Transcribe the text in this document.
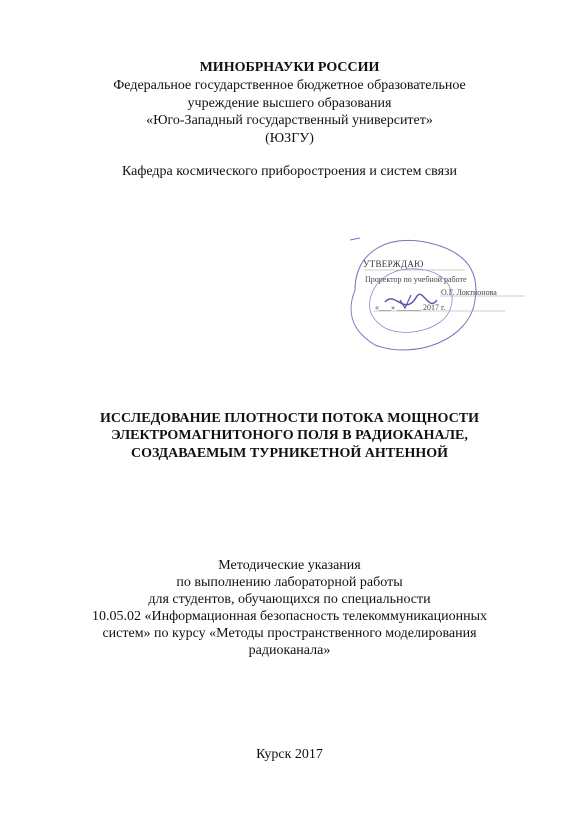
МИНОБРНАУКИ РОССИИ
Федеральное государственное бюджетное образовательное
учреждение высшего образования
«Юго-Западный государственный университет»
(ЮЗГУ)
Кафедра космического приборостроения и систем связи
УТВЕРЖДАЮ
Проректор по учебной работе
О.Г. Локтионова
«___» ______ 2017 г.
ИССЛЕДОВАНИЕ ПЛОТНОСТИ ПОТОКА МОЩНОСТИ
ЭЛЕКТРОМАГНИТОНОГО ПОЛЯ В РАДИОКАНАЛЕ,
СОЗДАВАЕМЫМ ТУРНИКЕТНОЙ АНТЕННОЙ
Методические указания
по выполнению лабораторной работы
для студентов, обучающихся по специальности
10.05.02 «Информационная безопасность телекоммуникационных
систем» по курсу «Методы пространственного моделирования
радиоканала»
Курск 2017
